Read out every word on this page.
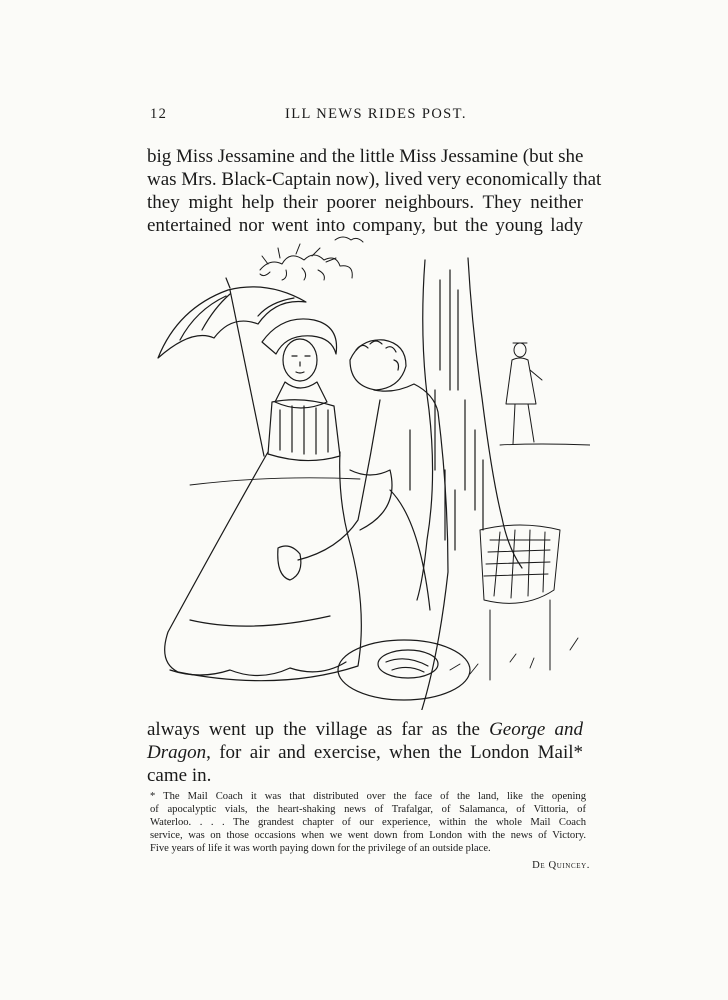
12	ILL NEWS RIDES POST.
big Miss Jessamine and the little Miss Jessamine (but she
was Mrs. Black-Captain now), lived very economically that
they might help their poorer neighbours. They neither
entertained nor went into company, but the young lady
always went up the village as far as the George and
Dragon, for air and exercise, when the London Mail*
came in.
* The Mail Coach it was that distributed over the face of the land, like the opening
of apocalyptic vials, the heart-shaking news of Trafalgar, of Salamanca, of Vittoria, of
Waterloo. . . . The grandest chapter of our experience, within the whole Mail Coach
service, was on those occasions when we went down from London with the news of Victory.
Five years of life it was worth paying down for the privilege of an outside place.
De Quincey.
